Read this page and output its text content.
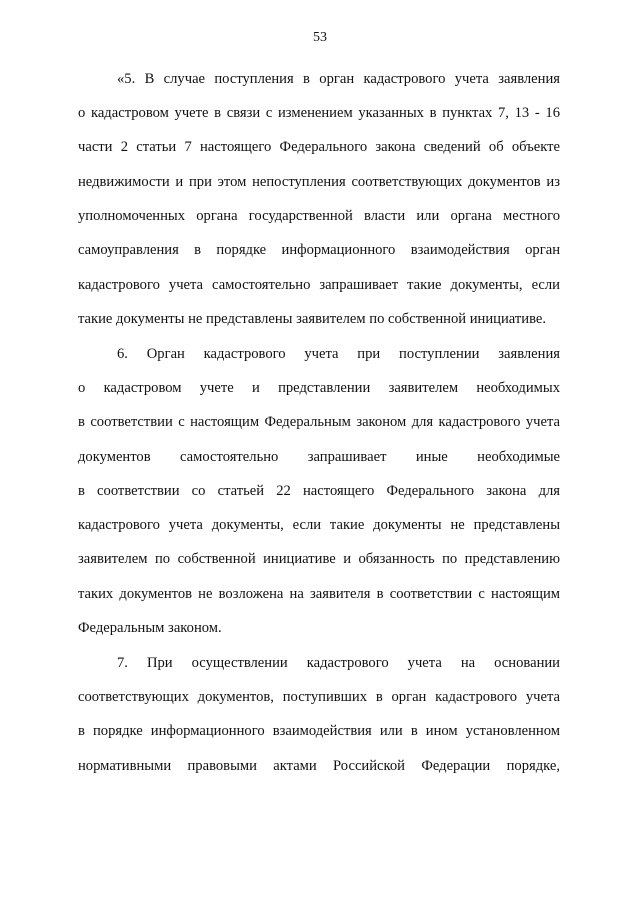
53
«5. В случае поступления в орган кадастрового учета заявления
о кадастровом учете в связи с изменением указанных в пунктах 7, 13 - 16
части 2 статьи 7 настоящего Федерального закона сведений об объекте
недвижимости и при этом непоступления соответствующих документов из
уполномоченных органа государственной власти или органа местного
самоуправления в порядке информационного взаимодействия орган
кадастрового учета самостоятельно запрашивает такие документы, если
такие документы не представлены заявителем по собственной инициативе.
6. Орган кадастрового учета при поступлении заявления
о кадастровом учете и представлении заявителем необходимых
в соответствии с настоящим Федеральным законом для кадастрового учета
документов самостоятельно запрашивает иные необходимые
в соответствии со статьей 22 настоящего Федерального закона для
кадастрового учета документы, если такие документы не представлены
заявителем по собственной инициативе и обязанность по представлению
таких документов не возложена на заявителя в соответствии с настоящим
Федеральным законом.
7. При осуществлении кадастрового учета на основании
соответствующих документов, поступивших в орган кадастрового учета
в порядке информационного взаимодействия или в ином установленном
нормативными правовыми актами Российской Федерации порядке,
